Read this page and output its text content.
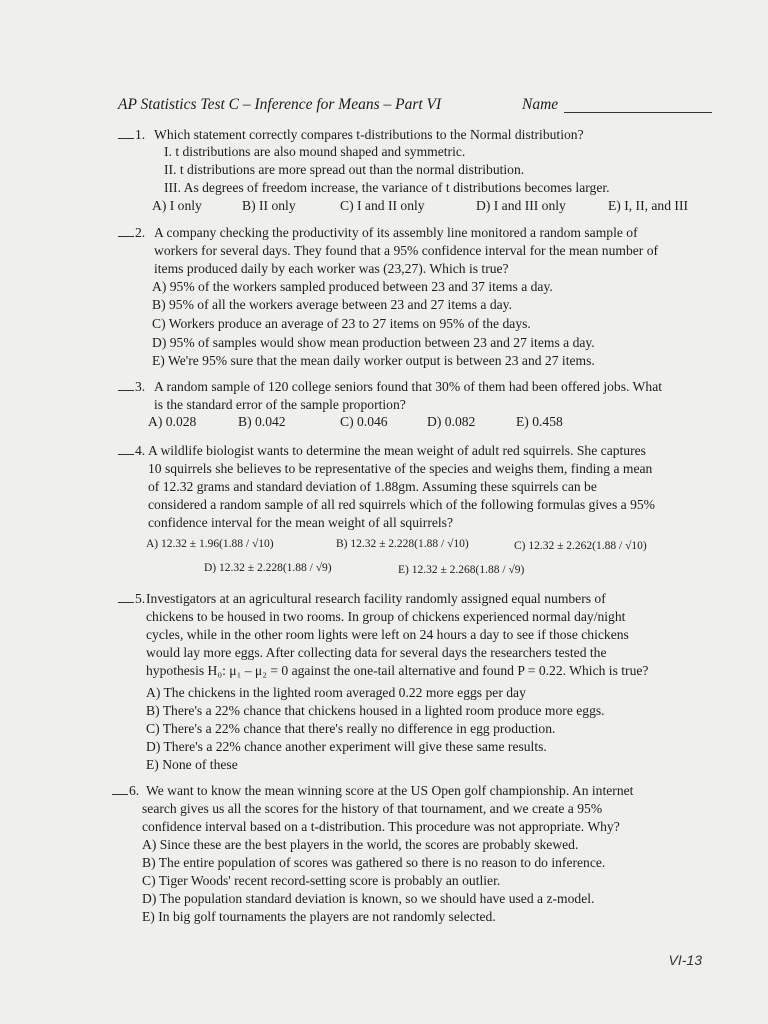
AP Statistics Test C – Inference for Means – Part VI	Name
1. Which statement correctly compares t-distributions to the Normal distribution?
I. t distributions are also mound shaped and symmetric.
II. t distributions are more spread out than the normal distribution.
III. As degrees of freedom increase, the variance of t distributions becomes larger.
A) I only	B) II only	C) I and II only	D) I and III only	E) I, II, and III
2. A company checking the productivity of its assembly line monitored a random sample of
workers for several days. They found that a 95% confidence interval for the mean number of
items produced daily by each worker was (23,27). Which is true?
A) 95% of the workers sampled produced between 23 and 37 items a day.
B) 95% of all the workers average between 23 and 27 items a day.
C) Workers produce an average of 23 to 27 items on 95% of the days.
D) 95% of samples would show mean production between 23 and 27 items a day.
E) We're 95% sure that the mean daily worker output is between 23 and 27 items.
3. A random sample of 120 college seniors found that 30% of them had been offered jobs. What
is the standard error of the sample proportion?
A) 0.028	B) 0.042	C) 0.046	D) 0.082	E) 0.458
4. A wildlife biologist wants to determine the mean weight of adult red squirrels. She captures
10 squirrels she believes to be representative of the species and weighs them, finding a mean
of 12.32 grams and standard deviation of 1.88gm. Assuming these squirrels can be
considered a random sample of all red squirrels which of the following formulas gives a 95%
confidence interval for the mean weight of all squirrels?
A) 12.32 ± 1.96(1.88 / √10)	B) 12.32 ± 2.228(1.88 / √10)	C) 12.32 ± 2.262(1.88 / √10)
D) 12.32 ± 2.228(1.88 / √9)	E) 12.32 ± 2.268(1.88 / √9)
5. Investigators at an agricultural research facility randomly assigned equal numbers of
chickens to be housed in two rooms. In group of chickens experienced normal day/night
cycles, while in the other room lights were left on 24 hours a day to see if those chickens
would lay more eggs. After collecting data for several days the researchers tested the
hypothesis H₀: μ₁ – μ₂ = 0 against the one-tail alternative and found P = 0.22. Which is true?
A) The chickens in the lighted room averaged 0.22 more eggs per day
B) There's a 22% chance that chickens housed in a lighted room produce more eggs.
C) There's a 22% chance that there's really no difference in egg production.
D) There's a 22% chance another experiment will give these same results.
E) None of these
6. We want to know the mean winning score at the US Open golf championship. An internet
search gives us all the scores for the history of that tournament, and we create a 95%
confidence interval based on a t-distribution. This procedure was not appropriate. Why?
A) Since these are the best players in the world, the scores are probably skewed.
B) The entire population of scores was gathered so there is no reason to do inference.
C) Tiger Woods' recent record-setting score is probably an outlier.
D) The population standard deviation is known, so we should have used a z-model.
E) In big golf tournaments the players are not randomly selected.
VI-13
